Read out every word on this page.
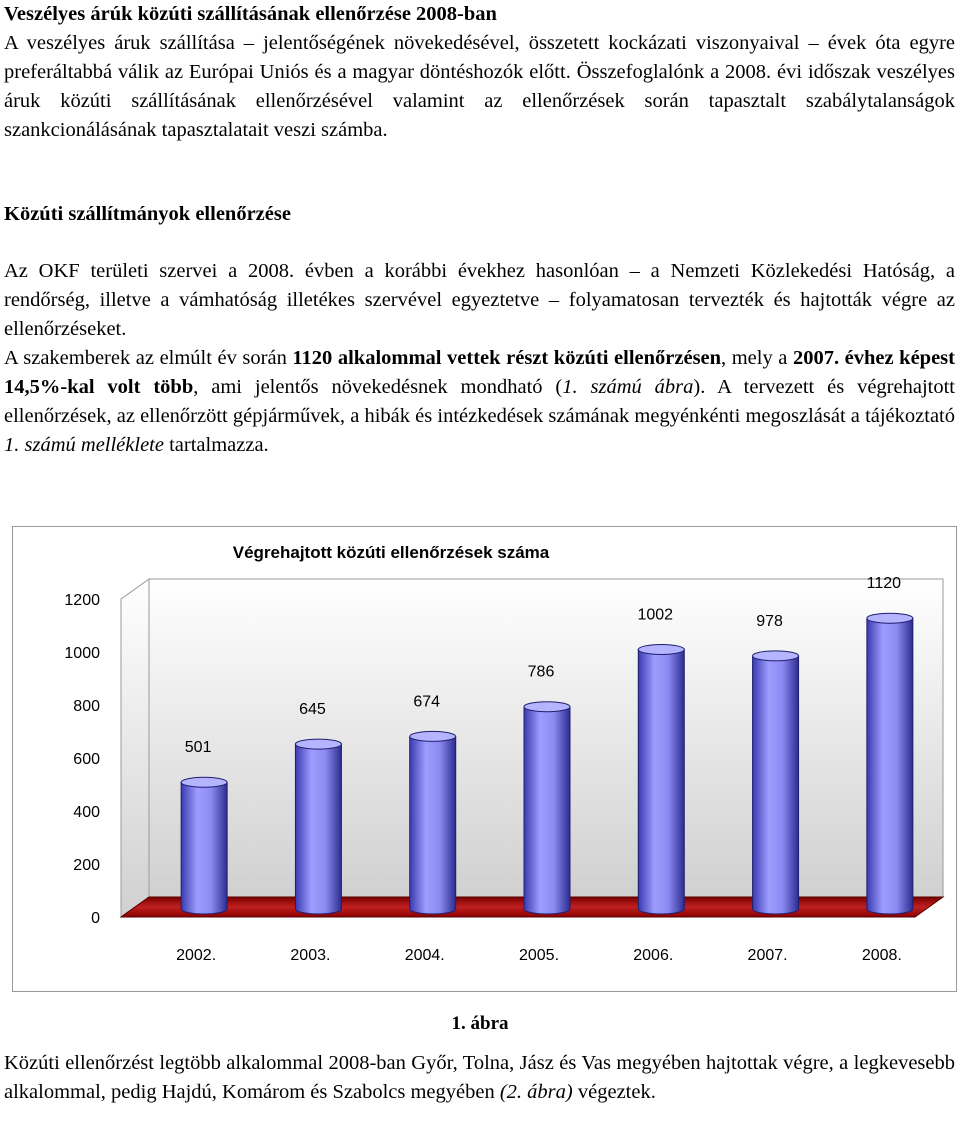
Veszélyes árúk közúti szállításának ellenőrzése 2008-ban
A veszélyes áruk szállítása – jelentőségének növekedésével, összetett kockázati viszonyaival – évek óta egyre preferáltabbá válik az Európai Uniós és a magyar döntéshozók előtt. Összefoglalónk a 2008. évi időszak veszélyes áruk közúti szállításának ellenőrzésével valamint az ellenőrzések során tapasztalt szabálytalanságok szankcionálásának tapasztalatait veszi számba.
Közúti szállítmányok ellenőrzése
Az OKF területi szervei a 2008. évben a korábbi évekhez hasonlóan – a Nemzeti Közlekedési Hatóság, a rendőrség, illetve a vámhatóság illetékes szervével egyeztetve – folyamatosan tervezték és hajtották végre az ellenőrzéseket.
A szakemberek az elmúlt év során 1120 alkalommal vettek részt közúti ellenőrzésen, mely a 2007. évhez képest 14,5%-kal volt több, ami jelentős növekedésnek mondható (1. számú ábra). A tervezett és végrehajtott ellenőrzések, az ellenőrzött gépjárművek, a hibák és intézkedések számának megyénkénti megoszlását a tájékoztató 1. számú melléklete tartalmazza.
Végrehajtott közúti ellenőrzések száma
0
200
400
600
800
1000
1200
501
645	674
786
1002	978
1120
2002.	2003.	2004.	2005.	2006.	2007.	2008.
1. ábra
Közúti ellenőrzést legtöbb alkalommal 2008-ban Győr, Tolna, Jász és Vas megyében hajtottak végre, a legkevesebb alkalommal, pedig Hajdú, Komárom és Szabolcs megyében (2. ábra) végeztek.
